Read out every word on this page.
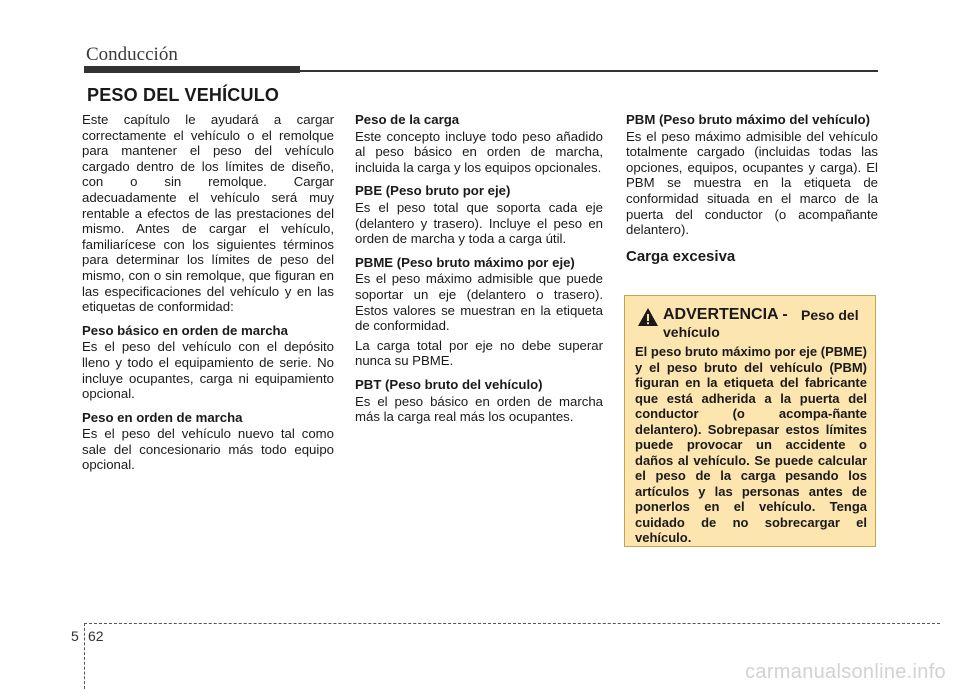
Conducción
PESO DEL VEHÍCULO

Este capítulo le ayudará a cargar correctamente el vehículo o el remolque para mantener el peso del vehículo cargado dentro de los límites de diseño, con o sin remolque. Cargar adecuadamente el vehículo será muy rentable a efectos de las prestaciones del mismo. Antes de cargar el vehículo, familiarícese con los siguientes términos para determinar los límites de peso del mismo, con o sin remolque, que figuran en las especificaciones del vehículo y en las etiquetas de conformidad:

Peso básico en orden de marcha

Es el peso del vehículo con el depósito lleno y todo el equipamiento de serie. No incluye ocupantes, carga ni equipamiento opcional.

Peso en orden de marcha

Es el peso del vehículo nuevo tal como sale del concesionario más todo equipo opcional.

Peso de la carga

Este concepto incluye todo peso añadido al peso básico en orden de marcha, incluida la carga y los equipos opcionales.

PBE (Peso bruto por eje)

Es el peso total que soporta cada eje (delantero y trasero). Incluye el peso en orden de marcha y toda a carga útil.

PBME (Peso bruto máximo por eje)

Es el peso máximo admisible que puede soportar un eje (delantero o trasero). Estos valores se muestran en la etiqueta de conformidad.

La carga total por eje no debe superar nunca su PBME.

PBT (Peso bruto del vehículo)

Es el peso básico en orden de marcha más la carga real más los ocupantes.

PBM (Peso bruto máximo del vehículo)

Es el peso máximo admisible del vehículo totalmente cargado (incluidas todas las opciones, equipos, ocupantes y carga). El PBM se muestra en la etiqueta de conformidad situada en el marco de la puerta del conductor (o acompañante delantero).

Carga excesiva
ADVERTENCIA - Peso del vehículo
El peso bruto máximo por eje (PBME) y el peso bruto del vehículo (PBM) figuran en la etiqueta del fabricante que está adherida a la puerta del conductor (o acompa-ñante delantero). Sobrepasar estos límites puede provocar un accidente o daños al vehículo. Se puede calcular el peso de la carga pesando los artículos y las personas antes de ponerlos en el vehículo. Tenga cuidado de no sobrecargar el vehículo.
5 62
carmanualsonline.info
